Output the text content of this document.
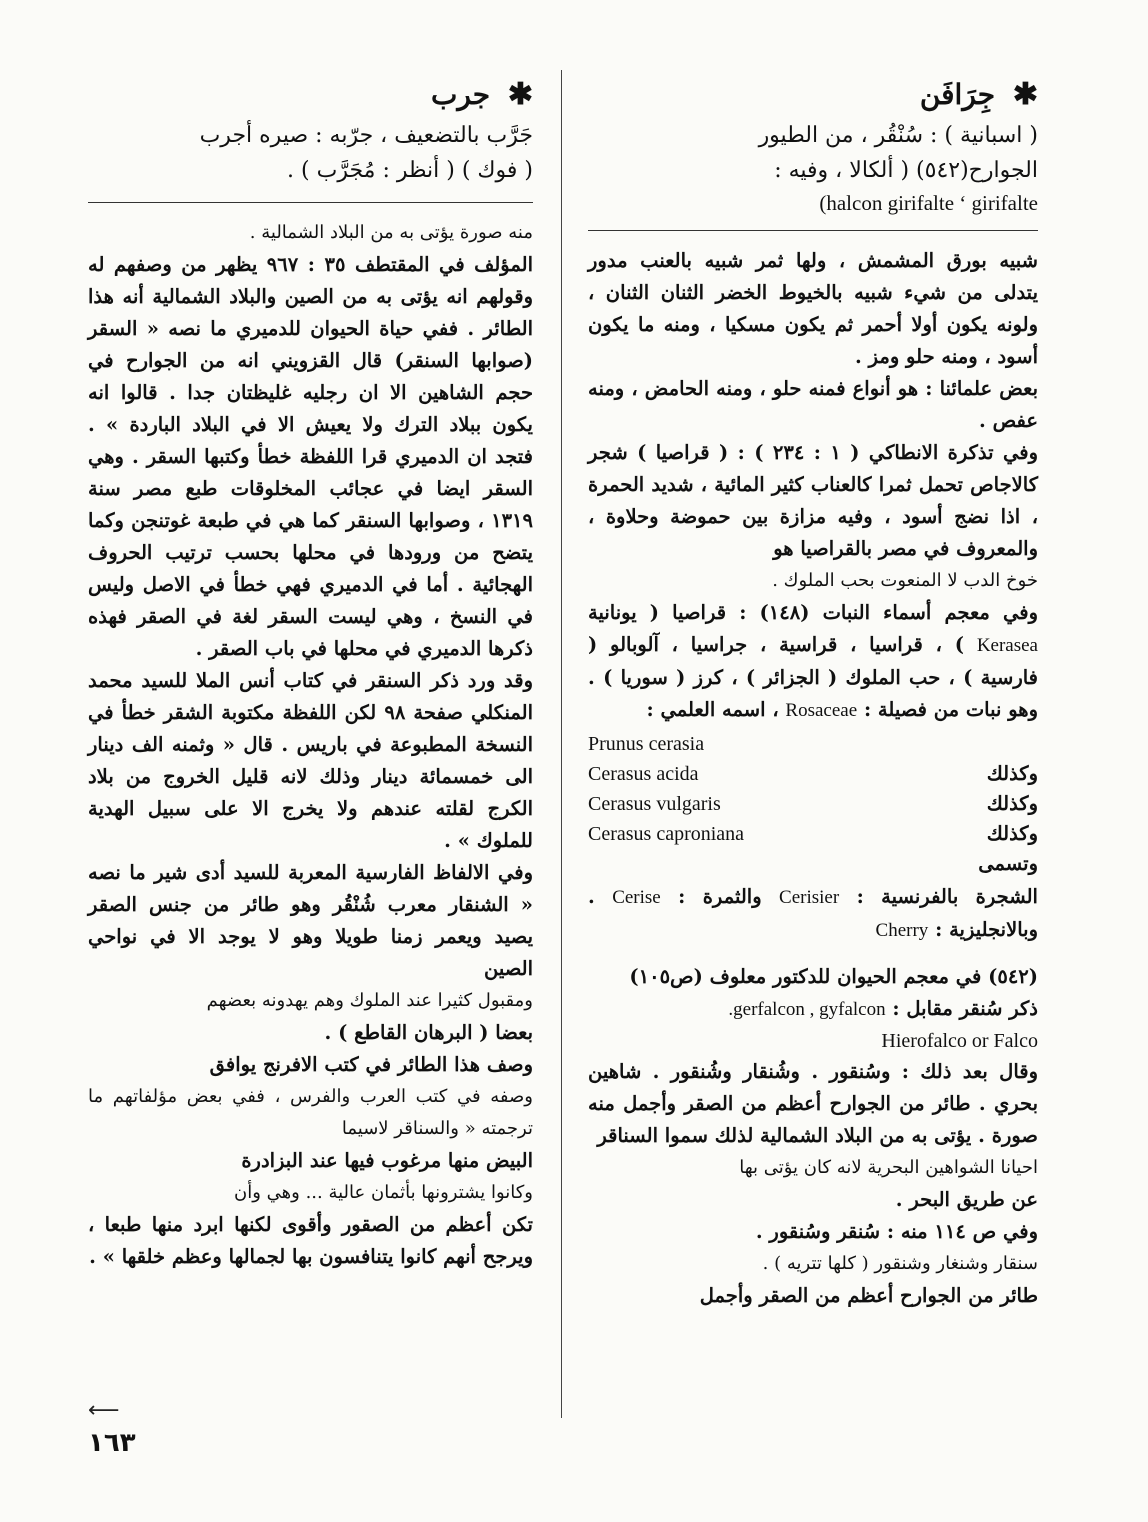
✱ جِرَافَن

( اسبانية ) : سُنْقُر ، من الطيور

الجوارح(٥٤٢) ( ألكالا ، وفيه :

(halcon girifalte ‘ girifalte

شبيه بورق المشمش ، ولها ثمر شبيه بالعنب مدور يتدلى من شيء شبيه بالخيوط الخضر الثنان الثنان ، ولونه يكون أولا أحمر ثم يكون مسكيا ، ومنه ما يكون أسود ، ومنه حلو ومز .

بعض علمائنا : هو أنواع فمنه حلو ، ومنه الحامض ، ومنه عفص .

وفي تذكرة الانطاكي ( ١ : ٢٣٤ ) : ( قراصيا ) شجر كالاجاص تحمل ثمرا كالعناب كثير المائية ، شديد الحمرة ، اذا نضج أسود ، وفيه مزازة بين حموضة وحلاوة ، والمعروف في مصر بالقراصيا هو

خوخ الدب لا المنعوت بحب الملوك .

وفي معجم أسماء النبات (١٤٨) : قراصيا ( يونانية Kerasea ) ، قراسيا ، قراسية ، جراسيا ، آلوبالو ( فارسية ) ، حب الملوك ( الجزائر ) ، كرز ( سوريا ) . وهو نبات من فصيلة : Rosaceae ، اسمه العلمي :

	Prunus cerasia
وكذلك	Cerasus acida
وكذلك	Cerasus vulgaris
وكذلك	Cerasus caproniana
وتسمى	

الشجرة بالفرنسية : Cerisier والثمرة : Cerise . وبالانجليزية : Cherry

(٥٤٢) في معجم الحيوان للدكتور معلوف (ص١٠٥)

ذكر سُنقر مقابل : gerfalcon , gyfalcon.

Hierofalco or Falco

وقال بعد ذلك : وسُنقور . وشُنقار وشُنقور . شاهين بحري . طائر من الجوارح أعظم من الصقر وأجمل منه صورة . يؤتى به من البلاد الشمالية لذلك سموا السناقر

احيانا الشواهين البحرية لانه كان يؤتى بها

عن طريق البحر .

وفي ص ١١٤ منه : سُنقر وسُنقور .

سنقار وشنغار وشنقور ( كلها تتريه ) .

طائر من الجوارح أعظم من الصقر وأجمل

✱ جرب

جَرَّب بالتضعيف ، جرّبه : صيره أجرب

( فوك ) ( أنظر : مُجَرَّب ) .

منه صورة يؤتى به من البلاد الشمالية .

المؤلف في المقتطف ٣٥ : ٩٦٧ يظهر من وصفهم له وقولهم انه يؤتى به من الصين والبلاد الشمالية أنه هذا الطائر . ففي حياة الحيوان للدميري ما نصه « السقر (صوابها السنقر) قال القزويني انه من الجوارح في حجم الشاهين الا ان رجليه غليظتان جدا . قالوا انه يكون ببلاد الترك ولا يعيش الا في البلاد الباردة » . فتجد ان الدميري قرا اللفظة خطأ وكتبها السقر . وهي السقر ايضا في عجائب المخلوقات طبع مصر سنة ١٣١٩ ، وصوابها السنقر كما هي في طبعة غوتنجن وكما يتضح من ورودها في محلها بحسب ترتيب الحروف الهجائية . أما في الدميري فهي خطأ في الاصل وليس في النسخ ، وهي ليست السقر لغة في الصقر فهذه ذكرها الدميري في محلها في باب الصقر .

وقد ورد ذكر السنقر في كتاب أنس الملا للسيد محمد المنكلي صفحة ٩٨ لكن اللفظة مكتوبة الشقر خطأ في النسخة المطبوعة في باريس . قال « وثمنه الف دينار الى خمسمائة دينار وذلك لانه قليل الخروج من بلاد الكرج لقلته عندهم ولا يخرج الا على سبيل الهدية للملوك » .

وفي الالفاظ الفارسية المعربة للسيد أدى شير ما نصه « الشنقار معرب شُنْقُر وهو طائر من جنس الصقر يصيد ويعمر زمنا طويلا وهو لا يوجد الا في نواحي الصين

ومقبول كثيرا عند الملوك وهم يهدونه بعضهم

بعضا ( البرهان القاطع ) .

وصف هذا الطائر في كتب الافرنج يوافق

وصفه في كتب العرب والفرس ، ففي بعض مؤلفاتهم ما ترجمته « والسناقر لاسيما

البيض منها مرغوب فيها عند البزادرة

وكانوا يشترونها بأثمان عالية ... وهي وأن

تكن أعظم من الصقور وأقوى لكنها ابرد منها طبعا ، ويرجح أنهم كانوا يتنافسون بها لجمالها وعظم خلقها » .

⟵
١٦٣
